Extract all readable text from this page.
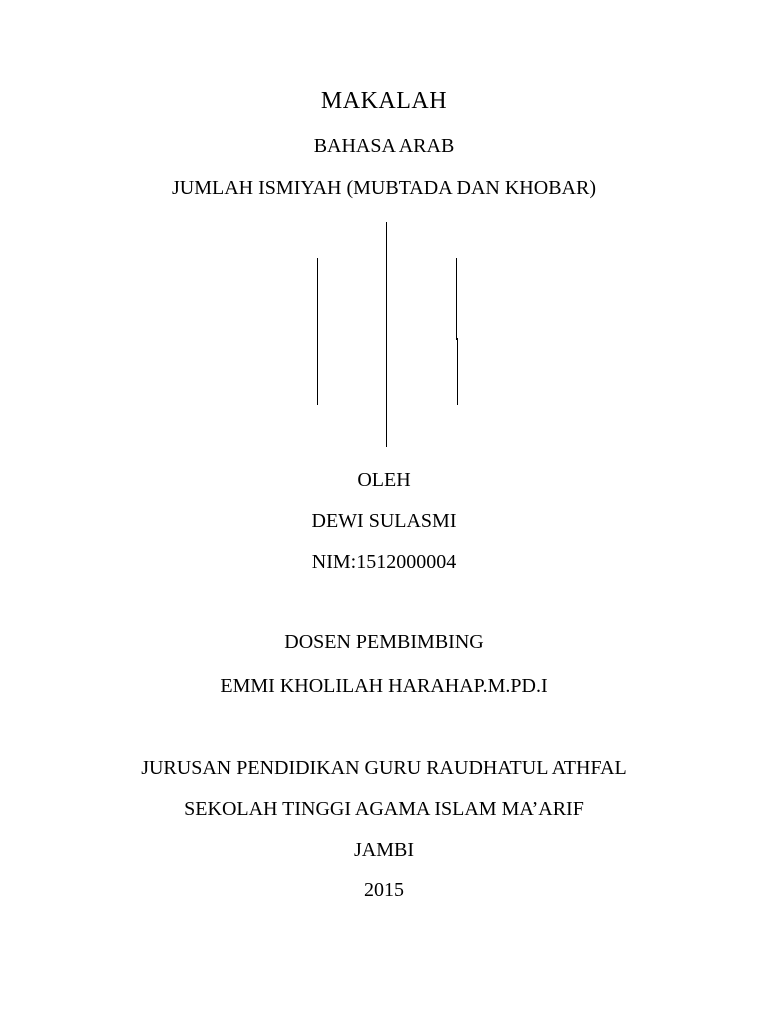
MAKALAH
BAHASA ARAB
JUMLAH ISMIYAH (MUBTADA DAN KHOBAR)
OLEH
DEWI SULASMI
NIM:1512000004
DOSEN PEMBIMBING
EMMI KHOLILAH HARAHAP.M.PD.I
JURUSAN PENDIDIKAN GURU RAUDHATUL ATHFAL
SEKOLAH TINGGI AGAMA ISLAM MA’ARIF
JAMBI
2015
